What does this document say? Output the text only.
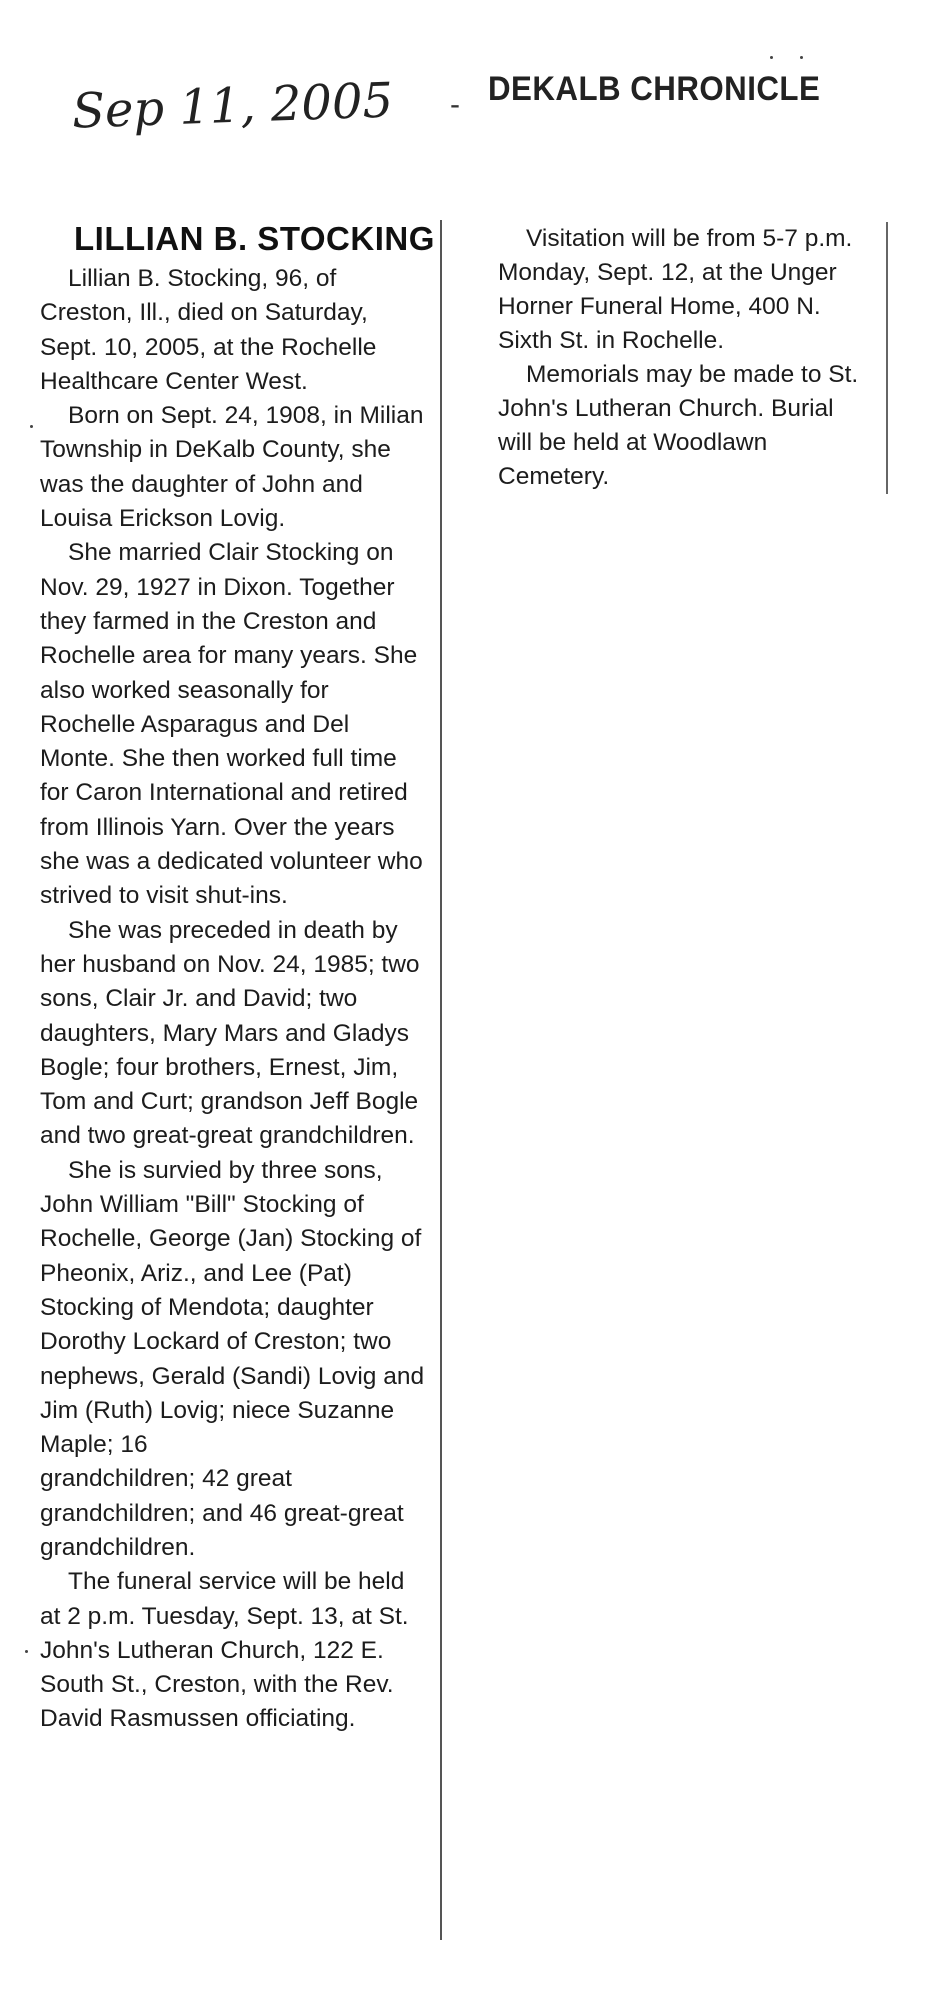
Sep 11, 2005 - DEKALB CHRONICLE
LILLIAN B. STOCKING

Lillian B. Stocking, 96, of Creston, Ill., died on Saturday, Sept. 10, 2005, at the Rochelle Healthcare Center West.

Born on Sept. 24, 1908, in Milian Township in DeKalb County, she was the daughter of John and Louisa Erickson Lovig.

She married Clair Stocking on Nov. 29, 1927 in Dixon. Together they farmed in the Creston and Rochelle area for many years. She also worked seasonally for Rochelle Asparagus and Del Monte. She then worked full time for Caron International and retired from Illinois Yarn. Over the years she was a dedicated volunteer who strived to visit shut-ins.

She was preceded in death by her husband on Nov. 24, 1985; two sons, Clair Jr. and David; two daughters, Mary Mars and Gladys Bogle; four brothers, Ernest, Jim, Tom and Curt; grandson Jeff Bogle and two great-great grandchildren.

She is survied by three sons, John William "Bill" Stocking of Rochelle, George (Jan) Stocking of Pheonix, Ariz., and Lee (Pat) Stocking of Mendota; daughter Dorothy Lockard of Creston; two nephews, Gerald (Sandi) Lovig and Jim (Ruth) Lovig; niece Suzanne Maple; 16

grandchildren; 42 great grandchildren; and 46 great-great grandchildren.

The funeral service will be held at 2 p.m. Tuesday, Sept. 13, at St. John's Lutheran Church, 122 E. South St., Creston, with the Rev. David Rasmussen officiating.

Visitation will be from 5-7 p.m. Monday, Sept. 12, at the Unger Horner Funeral Home, 400 N. Sixth St. in Rochelle.

Memorials may be made to St. John's Lutheran Church. Burial will be held at Woodlawn Cemetery.
